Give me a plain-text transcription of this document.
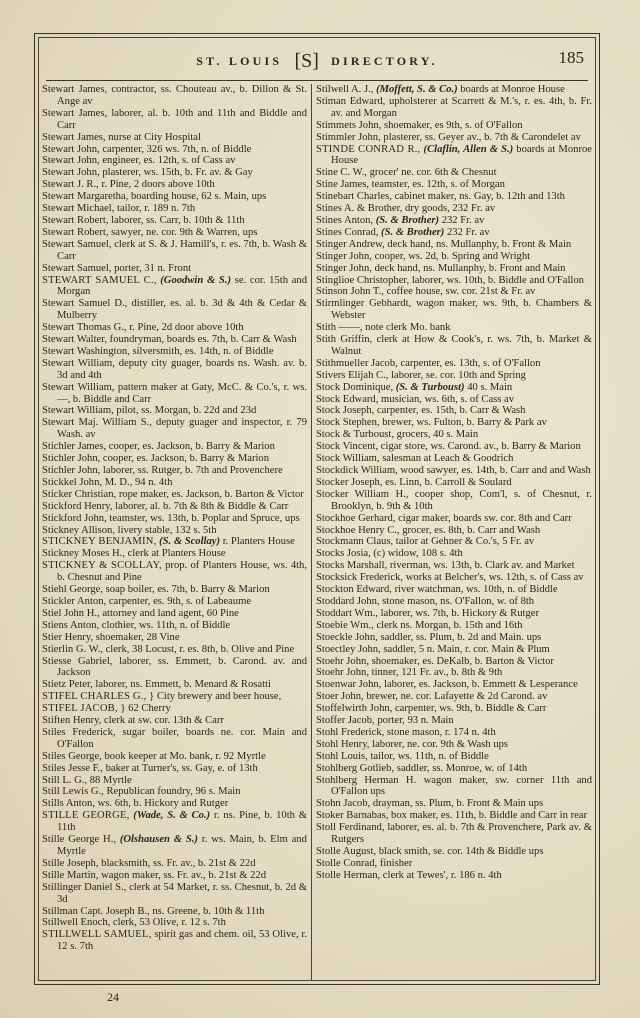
ST. LOUIS [S] DIRECTORY.	185
Stewart James, contractor, ss. Chouteau av., b. Dillon & St. Ange av
Stewart James, laborer, al. b. 10th and 11th and Biddle and Carr
Stewart James, nurse at City Hospital
Stewart John, carpenter, 326 ws. 7th, n. of Biddle
Stewart John, engineer, es. 12th, s. of Cass av
Stewart John, plasterer, ws. 15th, b. Fr. av. & Gay
Stewart J. R., r. Pine, 2 doors above 10th
Stewart Margaretha, boarding house, 62 s. Main, ups
Stewart Michael, tailor, r. 189 n. 7th
Stewart Robert, laborer, ss. Carr, b. 10th & 11th
Stewart Robert, sawyer, ne. cor. 9th & Warren, ups
Stewart Samuel, clerk at S. & J. Hamill's, r. es. 7th, b. Wash & Carr
Stewart Samuel, porter, 31 n. Front
STEWART SAMUEL C., (Goodwin & S.) se. cor. 15th and Morgan
Stewart Samuel D., distiller, es. al. b. 3d & 4th & Cedar & Mulberry
Stewart Thomas G., r. Pine, 2d door above 10th
Stewart Walter, foundryman, boards es. 7th, b. Carr & Wash
Stewart Washington, silversmith, es. 14th, n. of Biddle
Stewart William, deputy city guager, boards ns. Wash. av. b. 3d and 4th
Stewart William, pattern maker at Gaty, McC. & Co.'s, r. ws. —, b. Biddle and Carr
Stewart William, pilot, ss. Morgan, b. 22d and 23d
Stewart Maj. William S., deputy guager and inspector, r. 79 Wash. av
Stichler James, cooper, es. Jackson, b. Barry & Marion
Stichler John, cooper, es. Jackson, b. Barry & Marion
Stichler John, laborer, ss. Rutger, b. 7th and Provenchere
Stickkel John, M. D., 94 n. 4th
Sticker Christian, rope maker, es. Jackson, b. Barton & Victor
Stickford Henry, laborer, al. b. 7th & 8th & Biddle & Carr
Stickford John, teamster, ws. 13th, b. Poplar and Spruce, ups
Stickney Allison, livery stable, 132 s. 5th
STICKNEY BENJAMIN, (S. & Scollay) r. Planters House
Stickney Moses H., clerk at Planters House
STICKNEY & SCOLLAY, prop. of Planters House, ws. 4th, b. Chesnut and Pine
Stiehl George, soap boiler, es. 7th, b. Barry & Marion
Stickler Anton, carpenter, es. 9th, s. of Labeaume
Stiel John H., attorney and land agent, 60 Pine
Stiens Anton, clothier, ws. 11th, n. of Biddle
Stier Henry, shoemaker, 28 Vine
Stierlin G. W., clerk, 38 Locust, r. es. 8th, b. Olive and Pine
Stiesse Gabriel, laborer, ss. Emmett, b. Carond. av. and Jackson
Stietz Peter, laborer, ns. Emmett, b. Menard & Rosatti
STIFEL CHARLES G., } City brewery and beer house,
STIFEL JACOB, } 62 Cherry
Stiften Henry, clerk at sw. cor. 13th & Carr
Stiles Frederick, sugar boiler, boards ne. cor. Main and O'Fallon
Stiles George, book keeper at Mo. bank, r. 92 Myrtle
Stiles Jesse F., baker at Turner's, ss. Gay, e. of 13th
Still L. G., 88 Myrtle
Still Lewis G., Republican foundry, 96 s. Main
Stills Anton, ws. 6th, b. Hickory and Rutger
STILLE GEORGE, (Wade, S. & Co.) r. ns. Pine, b. 10th & 11th
Stille George H., (Olshausen & S.) r. ws. Main, b. Elm and Myrtle
Stille Joseph, blacksmith, ss. Fr. av., b. 21st & 22d
Stille Martin, wagon maker, ss. Fr. av., b. 21st & 22d
Stillinger Daniel S., clerk at 54 Market, r. ss. Chesnut, b. 2d & 3d
Stillman Capt. Joseph B., ns. Greene, b. 10th & 11th
Stillwell Enoch, clerk, 53 Olive, r. 12 s. 7th
STILLWELL SAMUEL, spirit gas and chem. oil, 53 Olive, r. 12 s. 7th
Stilwell A. J., (Moffett, S. & Co.) boards at Monroe House
Stiman Edward, upholsterer at Scarrett & M.'s, r. es. 4th, b. Fr. av. and Morgan
Stimmets John, shoemaker, es 9th, s. of O'Fallon
Stimmler John, plasterer, ss. Geyer av., b. 7th & Carondelet av
STINDE CONRAD R., (Claflin, Allen & S.) boards at Monroe House
Stine C. W., grocer' ne. cor. 6th & Chesnut
Stine James, teamster, es. 12th, s. of Morgan
Stinebart Charles, cabinet maker, ns. Gay, b. 12th and 13th
Stines A. & Brother, dry goods, 232 Fr. av
Stines Anton, (S. & Brother) 232 Fr. av
Stines Conrad, (S. & Brother) 232 Fr. av
Stinger Andrew, deck hand, ns. Mullanphy, b. Front & Main
Stinger John, cooper, ws. 2d, b. Spring and Wright
Stinger John, deck hand, ns. Mullanphy, b. Front and Main
Stinglioe Christopher, laborer, ws. 10th, b. Biddle and O'Fallon
Stinson John T., coffee house, sw. cor. 21st & Fr. av
Stirmlinger Gebhardt, wagon maker, ws. 9th, b. Chambers & Webster
Stith ——, note clerk Mo. bank
Stith Griffin, clerk at How & Cook's, r. ws. 7th, b. Market & Walnut
Stithmueller Jacob, carpenter, es. 13th, s. of O'Fallon
Stivers Elijah C., laborer, se. cor. 10th and Spring
Stock Dominique, (S. & Turboust) 40 s. Main
Stock Edward, musician, ws. 6th, s. of Cass av
Stock Joseph, carpenter, es. 15th, b. Carr & Wash
Stock Stephen, brewer, ws. Fulton, b. Barry & Park av
Stock & Turboust, grocers, 40 s. Main
Stock Vincent, cigar store, ws. Carond. av., b. Barry & Marion
Stock William, salesman at Leach & Goodrich
Stockdick William, wood sawyer, es. 14th, b. Carr and and Wash
Stocker Joseph, es. Linn, b. Carroll & Soulard
Stocker William H., cooper shop, Com'l, s. of Chesnut, r. Brooklyn, b. 9th & 10th
Stockhoe Gerhard, cigar maker, boards sw. cor. 8th and Carr
Stockhoe Henry C., grocer, es. 8th, b. Carr and Wash
Stockmann Claus, tailor at Gehner & Co.'s, 5 Fr. av
Stocks Josia, (c) widow, 108 s. 4th
Stocks Marshall, riverman, ws. 13th, b. Clark av. and Market
Stocksick Frederick, works at Belcher's, ws. 12th, s. of Cass av
Stockton Edward, river watchman, ws. 10th, n. of Biddle
Stoddard John, stone mason, ns. O'Fallon, w. of 8th
Stoddart Wm., laborer, ws. 7th, b. Hickory & Rutger
Stoebie Wm., clerk ns. Morgan, b. 15th and 16th
Stoeckle John, saddler, ss. Plum, b. 2d and Main. ups
Stoectley John, saddler, 5 n. Main, r. cor. Main & Plum
Stoehr John, shoemaker, es. DeKalb, b. Barton & Victor
Stoehr John, tinner, 121 Fr. av., b. 8th & 9th
Stoenwar John, laborer, es. Jackson, b. Emmett & Lesperance
Stoer John, brewer, ne. cor. Lafayette & 2d Carond. av
Stoffelwirth John, carpenter, ws. 9th, b. Biddle & Carr
Stoffer Jacob, porter, 93 n. Main
Stohl Frederick, stone mason, r. 174 n. 4th
Stohl Henry, laborer, ne. cor. 9th & Wash ups
Stohl Louis, tailor, ws. 11th, n. of Biddle
Stohlberg Gotlieb, saddler, ss. Monroe, w. of 14th
Stohlberg Herman H. wagon maker, sw. corner 11th and O'Fallon ups
Stohn Jacob, drayman, ss. Plum, b. Front & Main ups
Stoker Barnabas, box maker, es. 11th, b. Biddle and Carr in rear
Stoll Ferdinand, laborer, es. al. b. 7th & Provenchere, Park av. & Rutgers
Stolle August, black smith, se. cor. 14th & Biddle ups
Stolle Conrad, finisher
Stolle Herman, clerk at Tewes', r. 186 n. 4th
24
